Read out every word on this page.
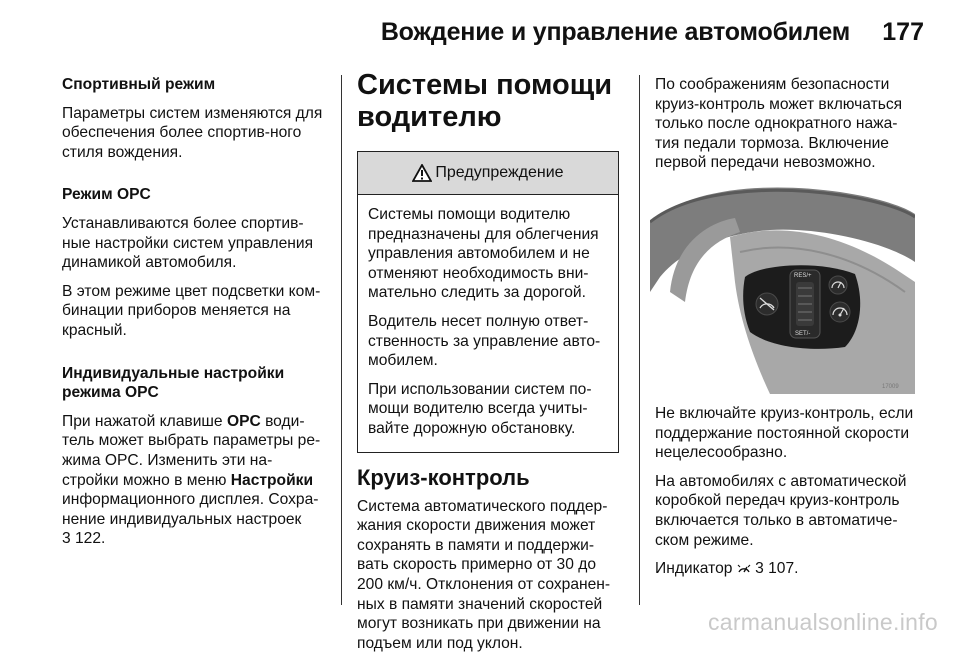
Вождение и управление автомобилем 177

Спортивный режим

Параметры систем изменяются для обеспечения более спортив-ного стиля вождения.

Режим OPC

Устанавливаются более спортив-ные настройки систем управления динамикой автомобиля.

В этом режиме цвет подсветки ком-бинации приборов меняется на красный.

Индивидуальные настройки режима OPC

При нажатой клавише OPC води-тель может выбрать параметры ре-жима OPC. Изменить эти на-стройки можно в меню Настройки информационного дисплея. Сохра-нение индивидуальных настроек
3 122.

Системы помощи водителю
Предупреждение

Системы помощи водителю предназначены для облегчения управления автомобилем и не отменяют необходимость вни-мательно следить за дорогой.

Водитель несет полную ответ-ственность за управление авто-мобилем.

При использовании систем по-мощи водителю всегда учиты-вайте дорожную обстановку.

Круиз-контроль

Система автоматического поддер-жания скорости движения может сохранять в памяти и поддержи-вать скорость примерно от 30 до 200 км/ч. Отклонения от сохранен-ных в памяти значений скоростей могут возникать при движении на подъем или под уклон.

По соображениям безопасности круиз-контроль может включаться только после однократного нажа-тия педали тормоза. Включение первой передачи невозможно.

RES/+
SET/-
17009

Не включайте круиз-контроль, если поддержание постоянной скорости нецелесообразно.

На автомобилях с автоматической коробкой передач круиз-контроль включается только в автоматиче-ском режиме.

Индикатор 3 107.

carmanualsonline.info
